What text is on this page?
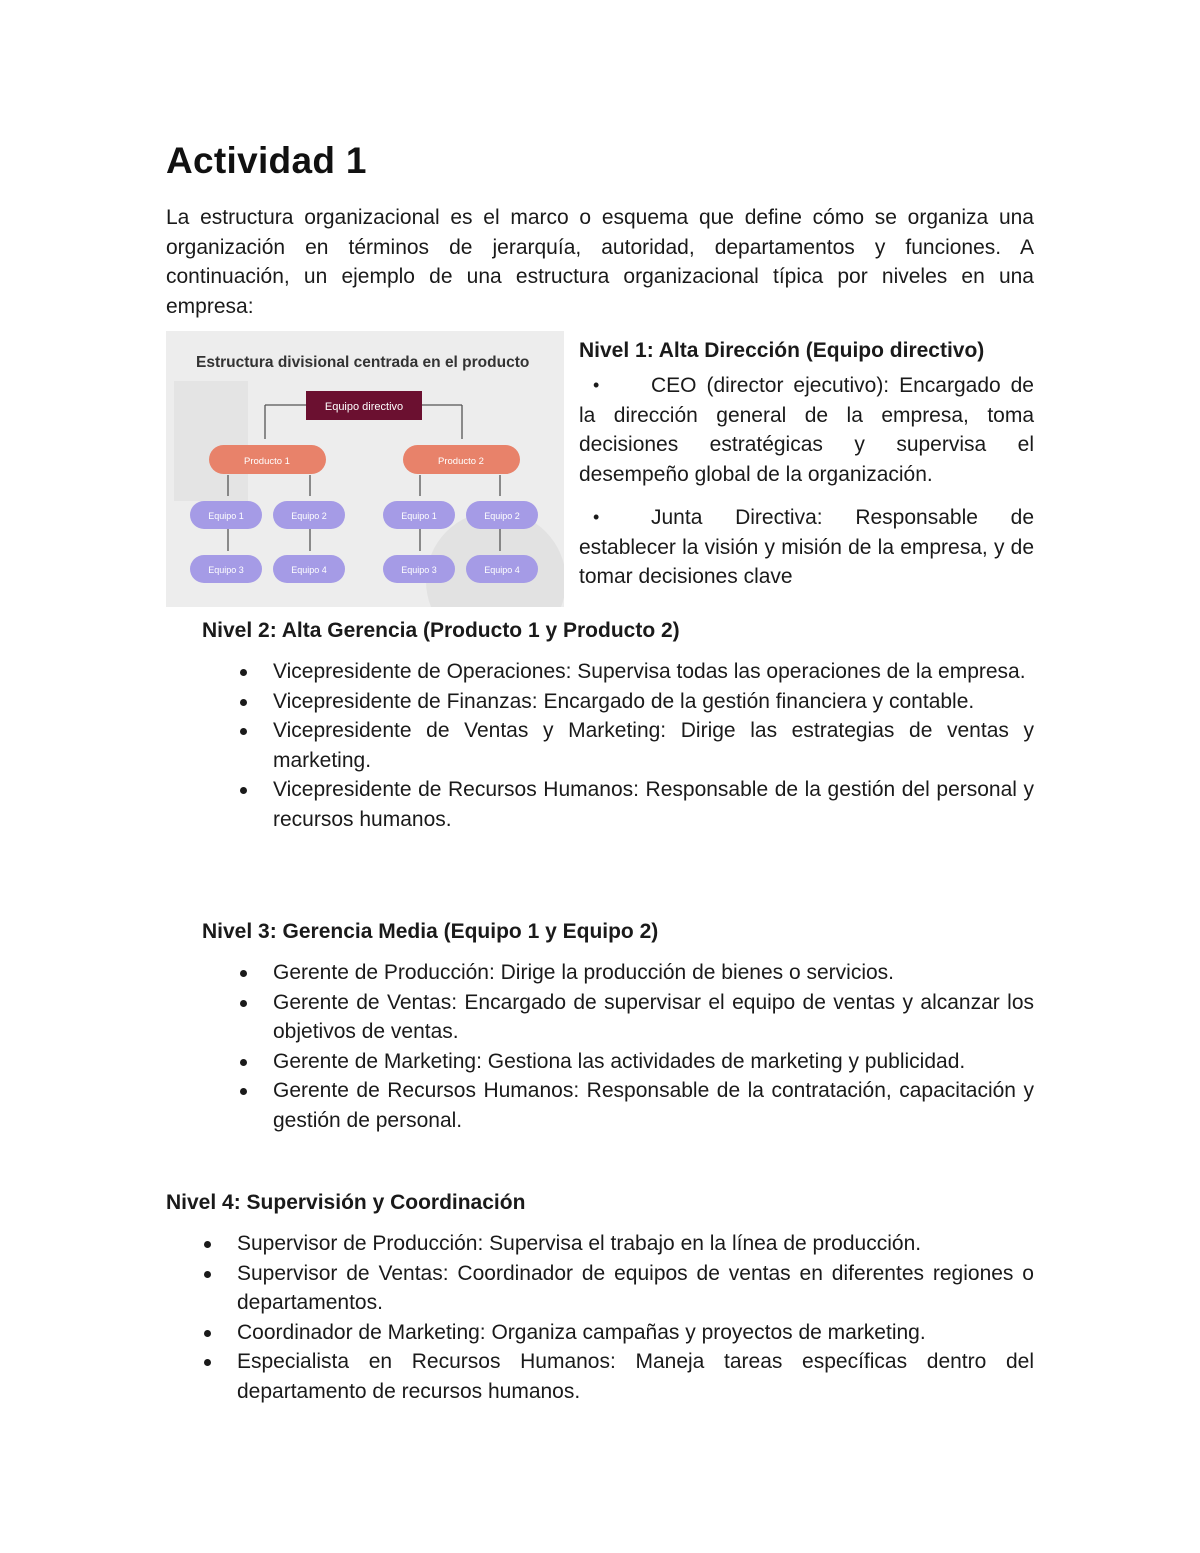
Actividad 1

La estructura organizacional es el marco o esquema que define cómo se organiza una organización en términos de jerarquía, autoridad, departamentos y funciones. A continuación, un ejemplo de una estructura organizacional típica por niveles en una empresa:

Estructura divisional centrada en el producto
Equipo directivo
Producto 1	Producto 2
Equipo 1	Equipo 2	Equipo 1	Equipo 2
Equipo 3	Equipo 4	Equipo 3	Equipo 4

Nivel 1: Alta Dirección (Equipo directivo)

• CEO (director ejecutivo): Encargado de la dirección general de la empresa, toma decisiones estratégicas y supervisa el desempeño global de la organización.
• Junta Directiva: Responsable de establecer la visión y misión de la empresa, y de tomar decisiones clave

Nivel 2: Alta Gerencia (Producto 1 y Producto 2)

Vicepresidente de Operaciones: Supervisa todas las operaciones de la empresa.
Vicepresidente de Finanzas: Encargado de la gestión financiera y contable.
Vicepresidente de Ventas y Marketing: Dirige las estrategias de ventas y marketing.
Vicepresidente de Recursos Humanos: Responsable de la gestión del personal y recursos humanos.

Nivel 3: Gerencia Media (Equipo 1 y Equipo 2)

Gerente de Producción: Dirige la producción de bienes o servicios.
Gerente de Ventas: Encargado de supervisar el equipo de ventas y alcanzar los objetivos de ventas.
Gerente de Marketing: Gestiona las actividades de marketing y publicidad.
Gerente de Recursos Humanos: Responsable de la contratación, capacitación y gestión de personal.

Nivel 4: Supervisión y Coordinación

Supervisor de Producción: Supervisa el trabajo en la línea de producción.
Supervisor de Ventas: Coordinador de equipos de ventas en diferentes regiones o departamentos.
Coordinador de Marketing: Organiza campañas y proyectos de marketing.
Especialista en Recursos Humanos: Maneja tareas específicas dentro del departamento de recursos humanos.
